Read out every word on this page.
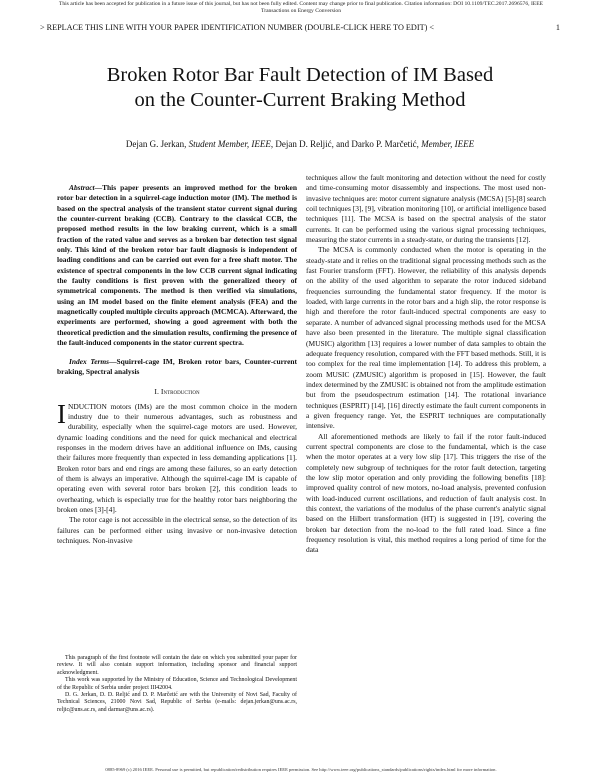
This article has been accepted for publication in a future issue of this journal, but has not been fully edited. Content may change prior to final publication. Citation information: DOI 10.1109/TEC.2017.2696576, IEEE
Transactions on Energy Conversion
> REPLACE THIS LINE WITH YOUR PAPER IDENTIFICATION NUMBER (DOUBLE-CLICK HERE TO EDIT) <	1
Broken Rotor Bar Fault Detection of IM Based
on the Counter-Current Braking Method
Dejan G. Jerkan, Student Member, IEEE, Dejan D. Reljić, and Darko P. Marčetić, Member, IEEE

Abstract—This paper presents an improved method for the broken rotor bar detection in a squirrel-cage induction motor (IM). The method is based on the spectral analysis of the transient stator current signal during the counter-current braking (CCB). Contrary to the classical CCB, the proposed method results in the low braking current, which is a small fraction of the rated value and serves as a broken bar detection test signal only. This kind of the broken rotor bar fault diagnosis is independent of loading conditions and can be carried out even for a free shaft motor. The existence of spectral components in the low CCB current signal indicating the faulty conditions is first proven with the generalized theory of symmetrical components. The method is then verified via simulations, using an IM model based on the finite element analysis (FEA) and the magnetically coupled multiple circuits approach (MCMCA). Afterward, the experiments are performed, showing a good agreement with both the theoretical prediction and the simulation results, confirming the presence of the fault-induced components in the stator current spectra.

Index Terms—Squirrel-cage IM, Broken rotor bars, Counter-current braking, Spectral analysis

I. Introduction

INDUCTION motors (IMs) are the most common choice in the modern industry due to their numerous advantages, such as robustness and durability, especially when the squirrel-cage motors are used. However, dynamic loading conditions and the need for quick mechanical and electrical responses in the modern drives have an additional influence on IMs, causing their failures more frequently than expected in less demanding applications [1]. Broken rotor bars and end rings are among these failures, so an early detection of them is always an imperative. Although the squirrel-cage IM is capable of operating even with several rotor bars broken [2], this condition leads to overheating, which is especially true for the healthy rotor bars neighboring the broken ones [3]-[4].

The rotor cage is not accessible in the electrical sense, so the detection of its failures can be performed either using invasive or non-invasive detection techniques. Non-invasive

This paragraph of the first footnote will contain the date on which you submitted your paper for review. It will also contain support information, including sponsor and financial support acknowledgment.

This work was supported by the Ministry of Education, Science and Technological Development of the Republic of Serbia under project III42004.

D. G. Jerkan, D. D. Reljić and D. P. Marčetić are with the University of Novi Sad, Faculty of Technical Sciences, 21000 Novi Sad, Republic of Serbia (e-mails: dejan.jerkan@uns.ac.rs, reljic@uns.ac.rs, and darmar@uns.ac.rs).

techniques allow the fault monitoring and detection without the need for costly and time-consuming motor disassembly and inspections. The most used non-invasive techniques are: motor current signature analysis (MCSA) [5]-[8] search coil techniques [3], [9], vibration monitoring [10], or artificial intelligence based techniques [11]. The MCSA is based on the spectral analysis of the stator currents. It can be performed using the various signal processing techniques, measuring the stator currents in a steady-state, or during the transients [12].

The MCSA is commonly conducted when the motor is operating in the steady-state and it relies on the traditional signal processing methods such as the fast Fourier transform (FFT). However, the reliability of this analysis depends on the ability of the used algorithm to separate the rotor induced sideband frequencies surrounding the fundamental stator frequency. If the motor is loaded, with large currents in the rotor bars and a high slip, the rotor response is high and therefore the rotor fault-induced spectral components are easy to separate. A number of advanced signal processing methods used for the MCSA have also been presented in the literature. The multiple signal classification (MUSIC) algorithm [13] requires a lower number of data samples to obtain the adequate frequency resolution, compared with the FFT based methods. Still, it is too complex for the real time implementation [14]. To address this problem, a zoom MUSIC (ZMUSIC) algorithm is proposed in [15]. However, the fault index determined by the ZMUSIC is obtained not from the amplitude estimation but from the pseudospectrum estimation [14]. The rotational invariance techniques (ESPRIT) [14], [16] directly estimate the fault current components in a given frequency range. Yet, the ESPRIT techniques are computationally intensive.

All aforementioned methods are likely to fail if the rotor fault-induced current spectral components are close to the fundamental, which is the case when the motor operates at a very low slip [17]. This triggers the rise of the completely new subgroup of techniques for the rotor fault detection, targeting the low slip motor operation and only providing the following benefits [18]: improved quality control of new motors, no-load analysis, prevented confusion with load-induced current oscillations, and reduction of fault analysis cost. In this context, the variations of the modulus of the phase current's analytic signal based on the Hilbert transformation (HT) is suggested in [19], covering the broken bar detection from the no-load to the full rated load. Since a fine frequency resolution is vital, this method requires a long period of time for the data

0885-8969 (c) 2016 IEEE. Personal use is permitted, but republication/redistribution requires IEEE permission. See http://www.ieee.org/publications_standards/publications/rights/index.html for more information.
